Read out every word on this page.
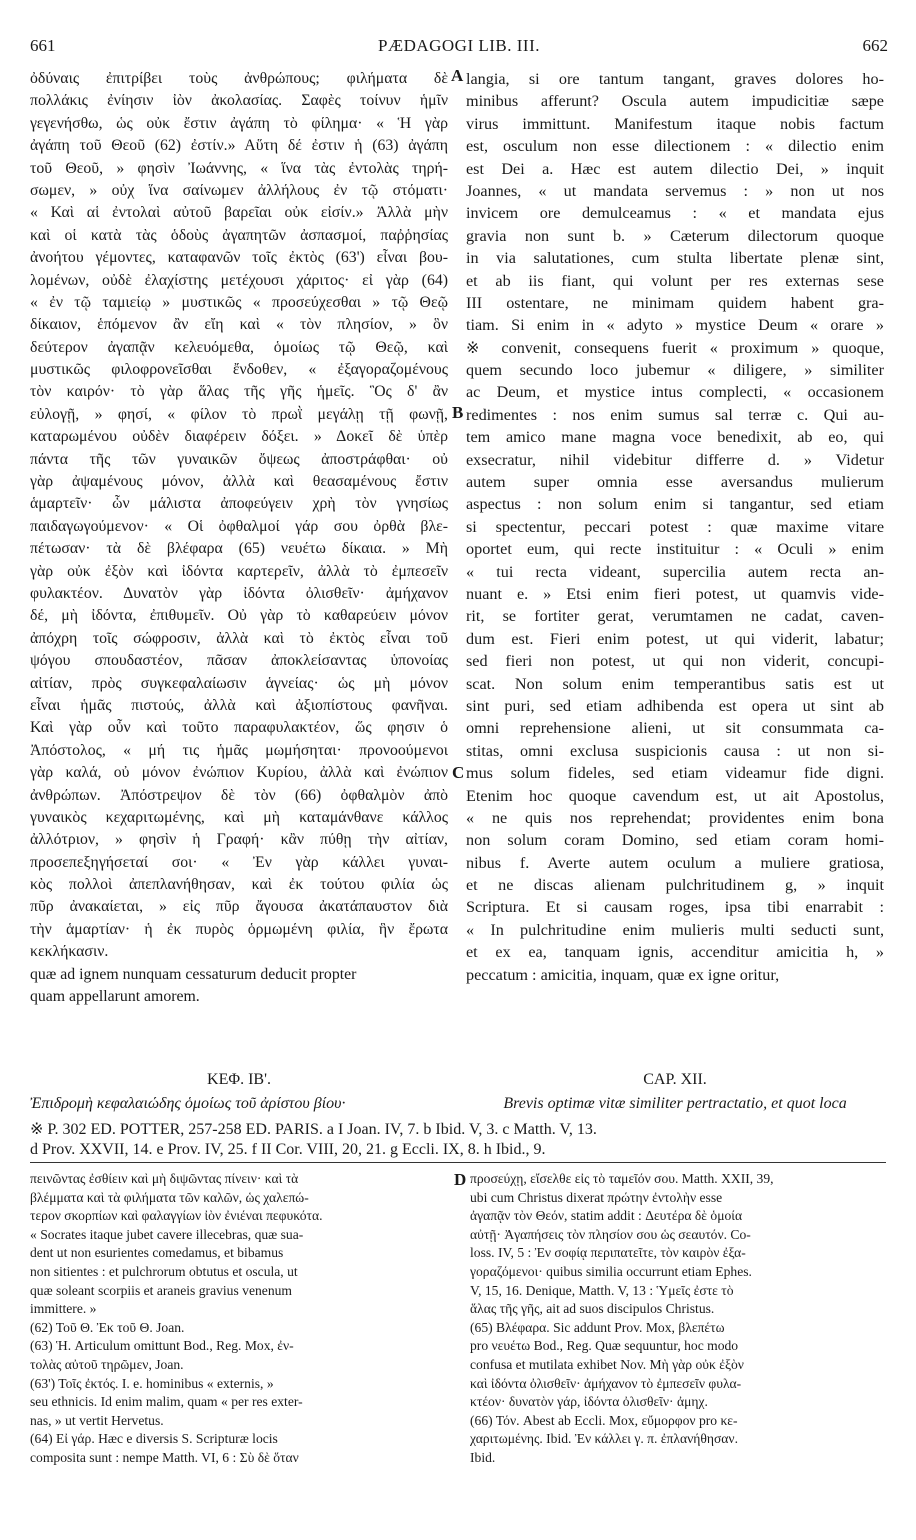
661	PÆDAGOGI LIB. III.	662
ὀδύναις ἐπιτρίβει τοὺς ἀνθρώπους; φιλήματα δὲ
πολλάκις ἐνίησιν ἰὸν ἀκολασίας. Σαφὲς τοίνυν ἡμῖν
γεγενήσθω, ὡς οὐκ ἔστιν ἀγάπη τὸ φίλημα· « Ἡ γὰρ
ἀγάπη τοῦ Θεοῦ (62) ἐστίν.» Αὕτη δέ ἐστιν ἡ (63) ἀγάπη
τοῦ Θεοῦ, » φησὶν Ἰωάννης, « ἵνα τὰς ἐντολὰς τηρή-
σωμεν, » οὐχ ἵνα σαίνωμεν ἀλλήλους ἐν τῷ στόματι·
« Καὶ αἱ ἐντολαὶ αὐτοῦ βαρεῖαι οὐκ εἰσίν.» Ἀλλὰ μὴν
καὶ οἱ κατὰ τὰς ὁδοὺς ἀγαπητῶν ἀσπασμοί, παῤῥησίας
ἀνοήτου γέμοντες, καταφανῶν τοῖς ἐκτὸς (63') εἶναι βου-
λομένων, οὐδὲ ἐλαχίστης μετέχουσι χάριτος· εἰ γὰρ (64)
« ἐν τῷ ταμιείῳ » μυστικῶς « προσεύχεσθαι » τῷ Θεῷ
δίκαιον, ἑπόμενον ἂν εἴη καὶ « τὸν πλησίον, » ὃν
δεύτερον ἀγαπᾷν κελευόμεθα, ὁμοίως τῷ Θεῷ, καὶ
μυστικῶς φιλοφρονεῖσθαι ἔνδοθεν, « ἐξαγοραζομένους
τὸν καιρόν· τὸ γὰρ ἅλας τῆς γῆς ἡμεῖς. Ὃς δ' ἂν
εὐλογῇ, » φησί, « φίλον τὸ πρωῒ μεγάλῃ τῇ φωνῇ,
καταρωμένου οὐδὲν διαφέρειν δόξει. » Δοκεῖ δὲ ὑπὲρ
πάντα τῆς τῶν γυναικῶν ὄψεως ἀποστράφθαι· οὐ
γὰρ ἀψαμένους μόνον, ἀλλὰ καὶ θεασαμένους ἔστιν
ἁμαρτεῖν· ὧν μάλιστα ἀποφεύγειν χρὴ τὸν γνησίως
παιδαγωγούμενον· « Οἱ ὀφθαλμοί γάρ σου ὀρθὰ βλε-
πέτωσαν· τὰ δὲ βλέφαρα (65) νευέτω δίκαια. » Μὴ
γὰρ οὐκ ἐξὸν καὶ ἰδόντα καρτερεῖν, ἀλλὰ τὸ ἐμπεσεῖν
φυλακτέον. Δυνατὸν γὰρ ἰδόντα ὀλισθεῖν· ἀμήχανον
δέ, μὴ ἰδόντα, ἐπιθυμεῖν. Οὐ γὰρ τὸ καθαρεύειν μόνον
ἀπόχρη τοῖς σώφροσιν, ἀλλὰ καὶ τὸ ἐκτὸς εἶναι τοῦ
ψόγου σπουδαστέον, πᾶσαν ἀποκλείσαντας ὑπονοίας
αἰτίαν, πρὸς συγκεφαλαίωσιν ἁγνείας· ὡς μὴ μόνον
εἶναι ἡμᾶς πιστούς, ἀλλὰ καὶ ἀξιοπίστους φανῆναι.
Καὶ γὰρ οὖν καὶ τοῦτο παραφυλακτέον, ὥς φησιν ὁ
Ἀπόστολος, « μή τις ἡμᾶς μωμήσηται· προνοούμενοι
γὰρ καλά, οὐ μόνον ἐνώπιον Κυρίου, ἀλλὰ καὶ ἐνώπιον
ἀνθρώπων. Ἀπόστρεψον δὲ τὸν (66) ὀφθαλμὸν ἀπὸ
γυναικὸς κεχαριτωμένης, καὶ μὴ καταμάνθανε κάλλος
ἀλλότριον, » φησὶν ἡ Γραφή· κἂν πύθῃ τὴν αἰτίαν,
προσεπεξηγήσεταί σοι· « Ἐν γὰρ κάλλει γυναι-
κὸς πολλοὶ ἀπεπλανήθησαν, καὶ ἐκ τούτου φιλία ὡς
πῦρ ἀνακαίεται, » εἰς πῦρ ἄγουσα ἀκατάπαυστον διὰ
τὴν ἁμαρτίαν· ἡ ἐκ πυρὸς ὁρμωμένη φιλία, ἣν ἔρωτα
κεκλήκασιν.
quæ ad ignem nunquam cessaturum deducit propter
quam appellarunt amorem.
langia, si ore tantum tangant, graves dolores ho-
minibus afferunt? Oscula autem impudicitiæ sæpe
virus immittunt. Manifestum itaque nobis factum
est, osculum non esse dilectionem : « dilectio enim
est Dei a. Hæc est autem dilectio Dei, » inquit
Joannes, « ut mandata servemus : » non ut nos
invicem ore demulceamus : « et mandata ejus
gravia non sunt b. » Cæterum dilectorum quoque
in via salutationes, cum stulta libertate plenæ sint,
et ab iis fiant, qui volunt per res externas sese
III ostentare, ne minimam quidem habent gra-
tiam. Si enim in « adyto » mystice Deum « orare »
※ convenit, consequens fuerit « proximum » quoque,
quem secundo loco jubemur « diligere, » similiter
ac Deum, et mystice intus complecti, « occasionem
redimentes : nos enim sumus sal terræ c. Qui au-
tem amico mane magna voce benedixit, ab eo, qui
exsecratur, nihil videbitur differre d. » Videtur
autem super omnia esse aversandus mulierum
aspectus : non solum enim si tangantur, sed etiam
si spectentur, peccari potest : quæ maxime vitare
oportet eum, qui recte instituitur : « Oculi » enim
« tui recta videant, supercilia autem recta an-
nuant e. » Etsi enim fieri potest, ut quamvis vide-
rit, se fortiter gerat, verumtamen ne cadat, caven-
dum est. Fieri enim potest, ut qui viderit, labatur;
sed fieri non potest, ut qui non viderit, concupi-
scat. Non solum enim temperantibus satis est ut
sint puri, sed etiam adhibenda est opera ut sint ab
omni reprehensione alieni, ut sit consummata ca-
stitas, omni exclusa suspicionis causa : ut non si-
mus solum fideles, sed etiam videamur fide digni.
Etenim hoc quoque cavendum est, ut ait Apostolus,
« ne quis nos reprehendat; providentes enim bona
non solum coram Domino, sed etiam coram homi-
nibus f. Averte autem oculum a muliere gratiosa,
et ne discas alienam pulchritudinem g, » inquit
Scriptura. Et si causam roges, ipsa tibi enarrabit :
« In pulchritudine enim mulieris multi seducti sunt,
et ex ea, tanquam ignis, accenditur amicitia h, »
peccatum : amicitia, inquam, quæ ex igne oritur,
A
B
C
D
ΚΕΦ. ΙΒ'.	CAP. XII.
Ἐπιδρομὴ κεφαλαιώδης ὁμοίως τοῦ ἀρίστου βίου·	Brevis optimæ vitæ similiter pertractatio, et quot loca
※ P. 302 ED. POTTER, 257-258 ED. PARIS. a I Joan. IV, 7. b Ibid. V, 3. c Matth. V, 13.
d Prov. XXVII, 14. e Prov. IV, 25. f II Cor. VIII, 20, 21. g Eccli. IX, 8. h Ibid., 9.
πεινῶντας ἐσθίειν καὶ μὴ διψῶντας πίνειν· καὶ τὰ
βλέμματα καὶ τὰ φιλήματα τῶν καλῶν, ὡς χαλεπώ-
τερον σκορπίων καὶ φαλαγγίων ἰὸν ἐνιέναι πεφυκότα.
« Socrates itaque jubet cavere illecebras, quæ sua-
dent ut non esurientes comedamus, et bibamus
non sitientes : et pulchrorum obtutus et oscula, ut
quæ soleant scorpiis et araneis gravius venenum
immittere. »
(62) Τοῦ Θ. Ἐκ τοῦ Θ. Joan.
(63) Ἡ. Articulum omittunt Bod., Reg. Mox, ἐν-
τολὰς αὐτοῦ τηρῶμεν, Joan.
(63') Τοῖς ἐκτός. I. e. hominibus « externis, »
seu ethnicis. Id enim malim, quam « per res exter-
nas, » ut vertit Hervetus.
(64) Εἰ γάρ. Hæc e diversis S. Scripturæ locis
composita sunt : nempe Matth. VI, 6 : Σὺ δὲ ὅταν
προσεύχῃ, εἴσελθε εἰς τὸ ταμεῖόν σου. Matth. XXII, 39,
ubi cum Christus dixerat πρώτην ἐντολὴν esse
ἀγαπᾷν τὸν Θεόν, statim addit : Δευτέρα δὲ ὁμοία
αὐτῇ· Ἀγαπήσεις τὸν πλησίον σου ὡς σεαυτόν. Co-
loss. IV, 5 : Ἐν σοφίᾳ περιπατεῖτε, τὸν καιρὸν ἐξα-
γοραζόμενοι· quibus similia occurrunt etiam Ephes.
V, 15, 16. Denique, Matth. V, 13 : Ὑμεῖς ἐστε τὸ
ἅλας τῆς γῆς, ait ad suos discipulos Christus.
(65) Βλέφαρα. Sic addunt Prov. Mox, βλεπέτω
pro νευέτω Bod., Reg. Quæ sequuntur, hoc modo
confusa et mutilata exhibet Nov. Μὴ γὰρ οὐκ ἐξὸν
καὶ ἰδόντα ὀλισθεῖν· ἀμήχανον τὸ ἐμπεσεῖν φυλα-
κτέον· δυνατὸν γάρ, ἰδόντα ὀλισθεῖν· ἀμηχ.
(66) Τόν. Abest ab Eccli. Mox, εὔμορφον pro κε-
χαριτωμένης. Ibid. Ἐν κάλλει γ. π. ἐπλανήθησαν.
Ibid.
